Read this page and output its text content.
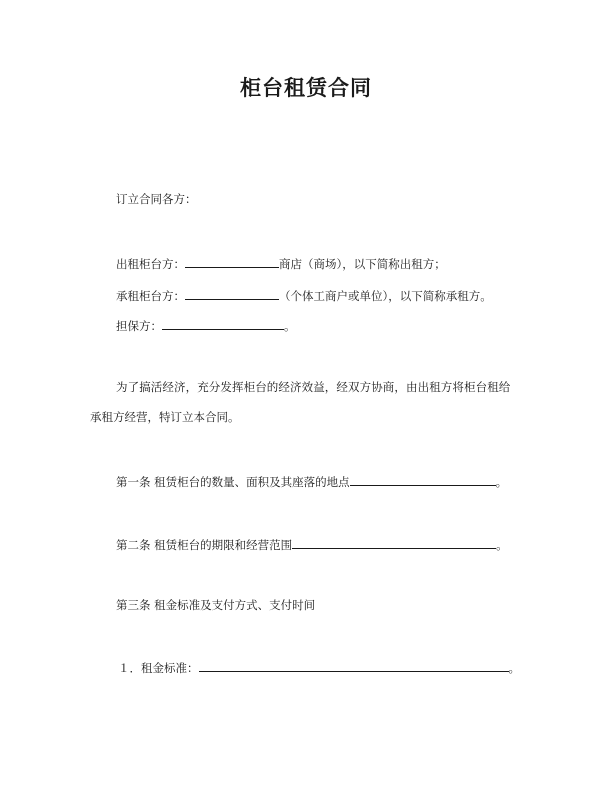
柜台租赁合同
订立合同各方：
出租柜台方：	商店（商场），以下简称出租方；
承租柜台方：	（个体工商户或单位），以下简称承租方。
担保方：	。
为了搞活经济，充分发挥柜台的经济效益，经双方协商，由出租方将柜台租给
承租方经营，特订立本合同。
第一条 租赁柜台的数量、面积及其座落的地点	。
第二条 租赁柜台的期限和经营范围	。
第三条 租金标准及支付方式、支付时间
１．租金标准：	。
